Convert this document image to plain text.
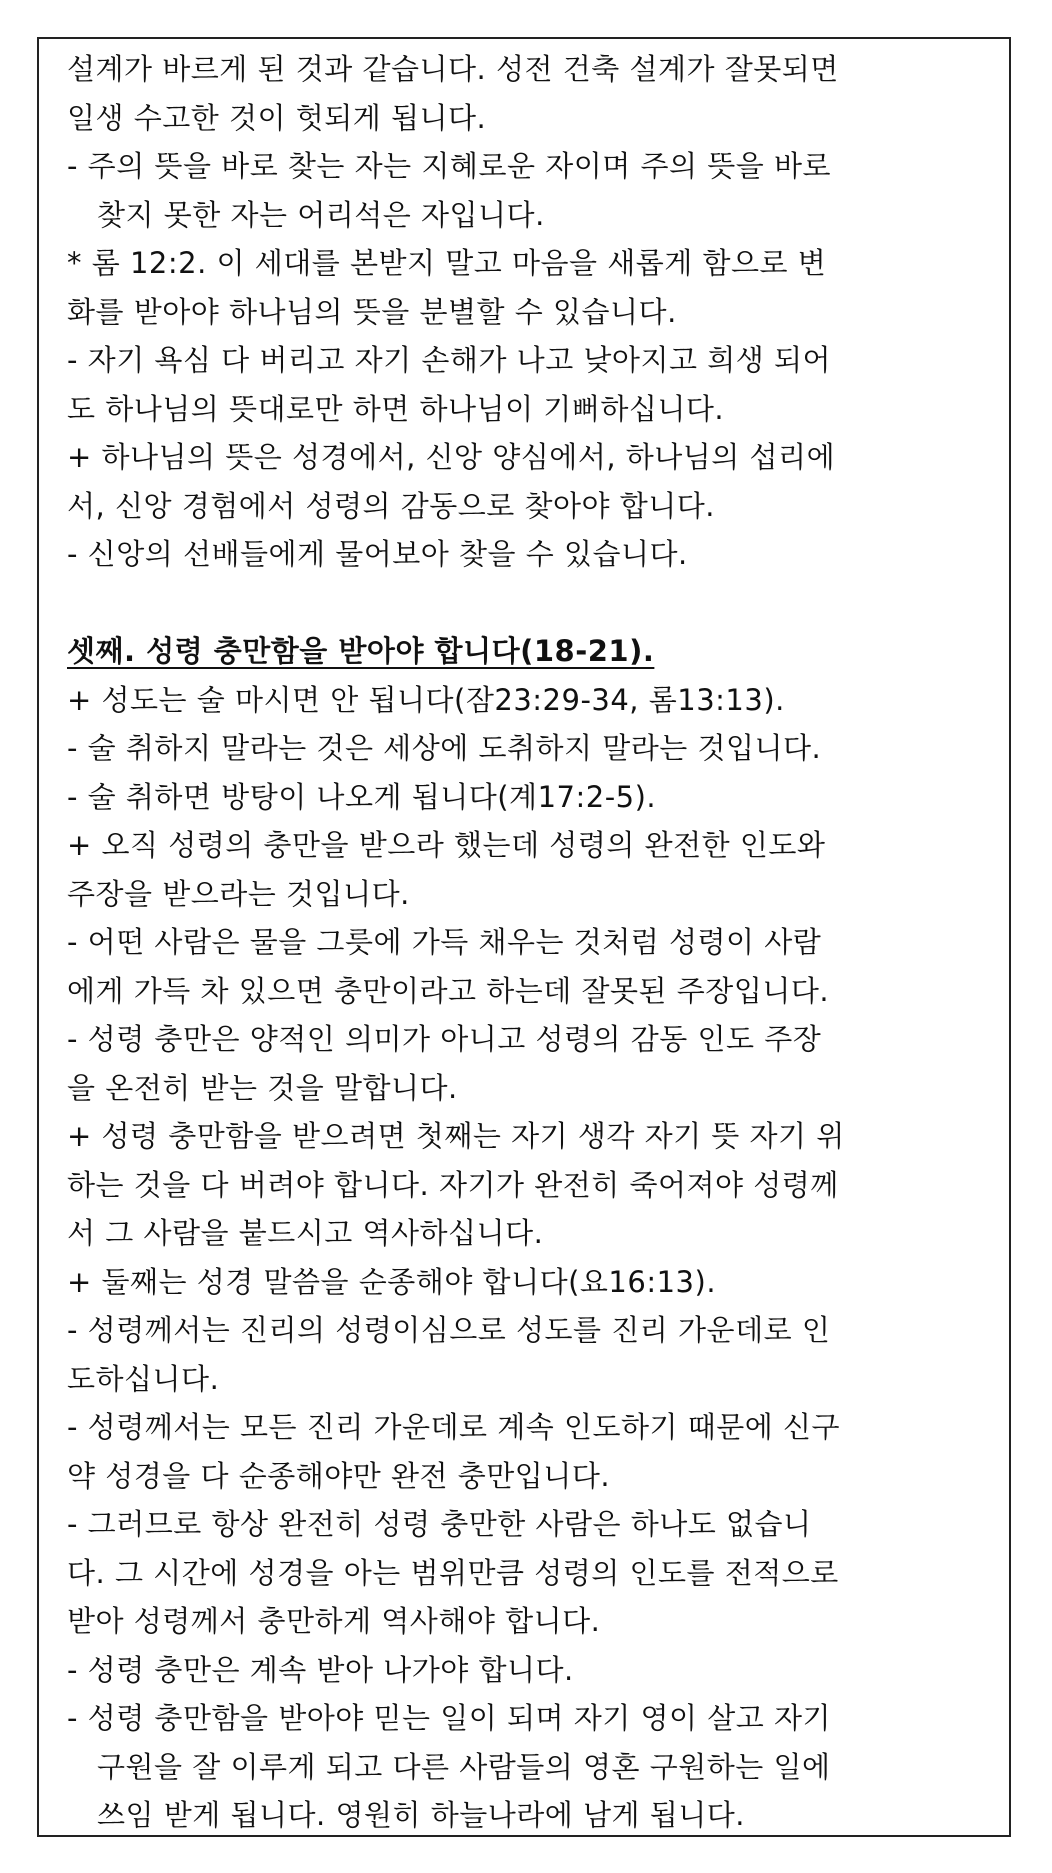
설계가 바르게 된 것과 같습니다. 성전 건축 설계가 잘못되면
일생 수고한 것이 헛되게 됩니다.
- 주의 뜻을 바로 찾는 자는 지혜로운 자이며 주의 뜻을 바로
찾지 못한 자는 어리석은 자입니다.
* 롬 12:2. 이 세대를 본받지 말고 마음을 새롭게 함으로 변
화를 받아야 하나님의 뜻을 분별할 수 있습니다.
- 자기 욕심 다 버리고 자기 손해가 나고 낮아지고 희생 되어
도 하나님의 뜻대로만 하면 하나님이 기뻐하십니다.
+ 하나님의 뜻은 성경에서, 신앙 양심에서, 하나님의 섭리에
서, 신앙 경험에서 성령의 감동으로 찾아야 합니다.
- 신앙의 선배들에게 물어보아 찾을 수 있습니다.
셋째. 성령 충만함을 받아야 합니다(18-21).
+ 성도는 술 마시면 안 됩니다(잠23:29-34, 롬13:13).
- 술 취하지 말라는 것은 세상에 도취하지 말라는 것입니다.
- 술 취하면 방탕이 나오게 됩니다(계17:2-5).
+ 오직 성령의 충만을 받으라 했는데 성령의 완전한 인도와
주장을 받으라는 것입니다.
- 어떤 사람은 물을 그릇에 가득 채우는 것처럼 성령이 사람
에게 가득 차 있으면 충만이라고 하는데 잘못된 주장입니다.
- 성령 충만은 양적인 의미가 아니고 성령의 감동 인도 주장
을 온전히 받는 것을 말합니다.
+ 성령 충만함을 받으려면 첫째는 자기 생각 자기 뜻 자기 위
하는 것을 다 버려야 합니다. 자기가 완전히 죽어져야 성령께
서 그 사람을 붙드시고 역사하십니다.
+ 둘째는 성경 말씀을 순종해야 합니다(요16:13).
- 성령께서는 진리의 성령이심으로 성도를 진리 가운데로 인
도하십니다.
- 성령께서는 모든 진리 가운데로 계속 인도하기 때문에 신구
약 성경을 다 순종해야만 완전 충만입니다.
- 그러므로 항상 완전히 성령 충만한 사람은 하나도 없습니
다. 그 시간에 성경을 아는 범위만큼 성령의 인도를 전적으로
받아 성령께서 충만하게 역사해야 합니다.
- 성령 충만은 계속 받아 나가야 합니다.
- 성령 충만함을 받아야 믿는 일이 되며 자기 영이 살고 자기
구원을 잘 이루게 되고 다른 사람들의 영혼 구원하는 일에
쓰임 받게 됩니다. 영원히 하늘나라에 남게 됩니다.
